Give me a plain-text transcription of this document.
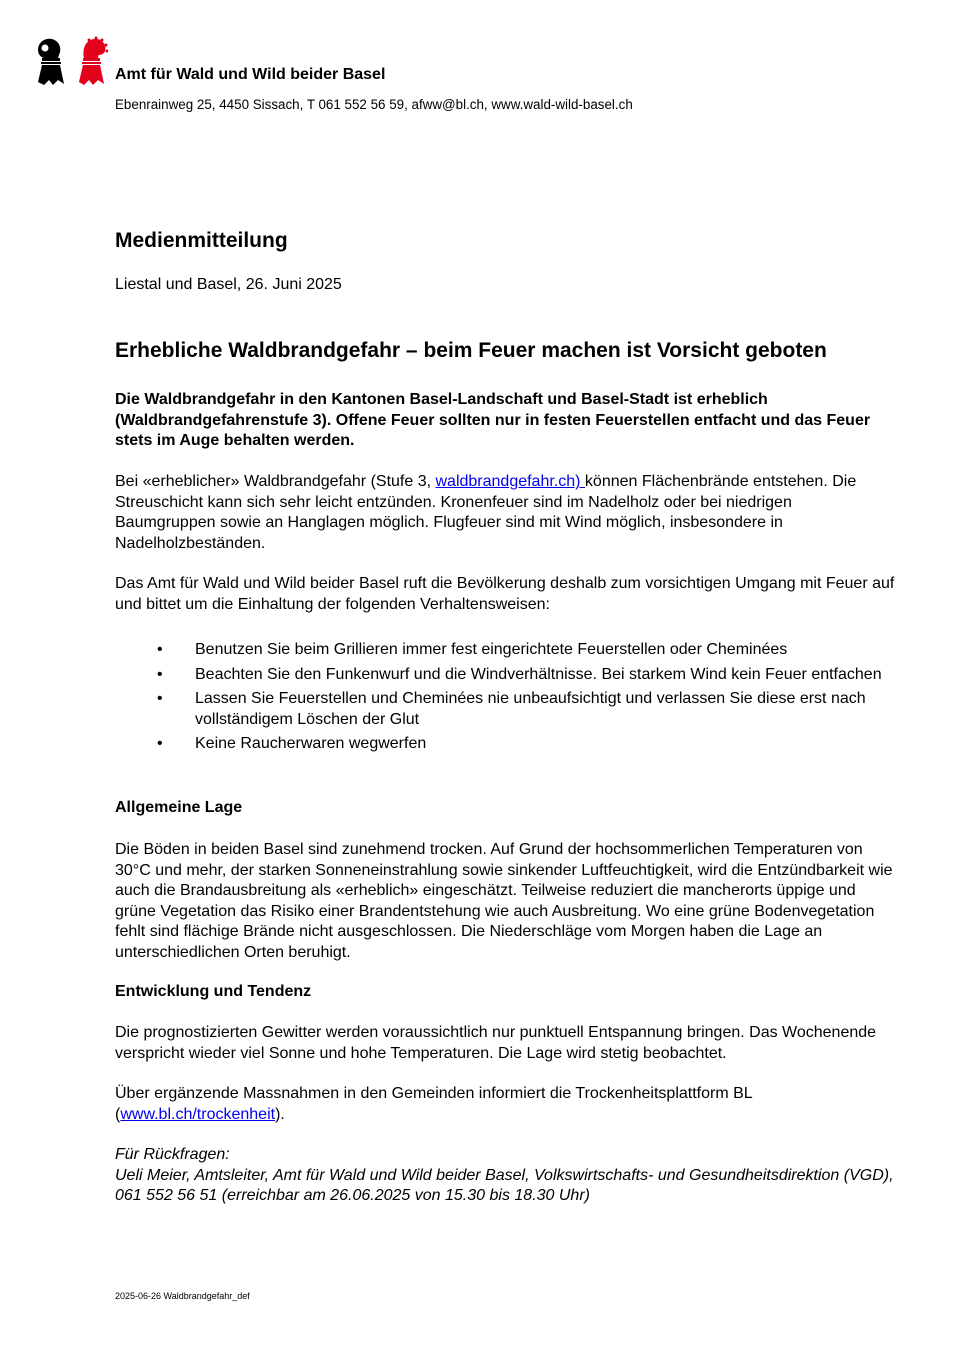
Amt für Wald und Wild beider Basel
Ebenrainweg 25, 4450 Sissach, T 061 552 56 59, afww@bl.ch, www.wald-wild-basel.ch
Medienmitteilung
Liestal und Basel, 26. Juni 2025
Erhebliche Waldbrandgefahr – beim Feuer machen ist Vorsicht geboten
Die Waldbrandgefahr in den Kantonen Basel-Landschaft und Basel-Stadt ist erheblich (Waldbrandgefahrenstufe 3). Offene Feuer sollten nur in festen Feuerstellen entfacht und das Feuer stets im Auge behalten werden.
Bei «erheblicher» Waldbrandgefahr (Stufe 3, waldbrandgefahr.ch) können Flächenbrände entstehen. Die Streuschicht kann sich sehr leicht entzünden. Kronenfeuer sind im Nadelholz oder bei niedrigen Baumgruppen sowie an Hanglagen möglich. Flugfeuer sind mit Wind möglich, insbesondere in Nadelholzbeständen.
Das Amt für Wald und Wild beider Basel ruft die Bevölkerung deshalb zum vorsichtigen Umgang mit Feuer auf und bittet um die Einhaltung der folgenden Verhaltensweisen:
• Benutzen Sie beim Grillieren immer fest eingerichtete Feuerstellen oder Cheminées
• Beachten Sie den Funkenwurf und die Windverhältnisse. Bei starkem Wind kein Feuer entfachen
• Lassen Sie Feuerstellen und Cheminées nie unbeaufsichtigt und verlassen Sie diese erst nach vollständigem Löschen der Glut
• Keine Raucherwaren wegwerfen
Allgemeine Lage
Die Böden in beiden Basel sind zunehmend trocken. Auf Grund der hochsommerlichen Temperaturen von 30°C und mehr, der starken Sonneneinstrahlung sowie sinkender Luftfeuchtigkeit, wird die Entzündbarkeit wie auch die Brandausbreitung als «erheblich» eingeschätzt. Teilweise reduziert die mancherorts üppige und grüne Vegetation das Risiko einer Brandentstehung wie auch Ausbreitung. Wo eine grüne Bodenvegetation fehlt sind flächige Brände nicht ausgeschlossen. Die Niederschläge vom Morgen haben die Lage an unterschiedlichen Orten beruhigt.
Entwicklung und Tendenz
Die prognostizierten Gewitter werden voraussichtlich nur punktuell Entspannung bringen. Das Wochenende verspricht wieder viel Sonne und hohe Temperaturen. Die Lage wird stetig beobachtet.
Über ergänzende Massnahmen in den Gemeinden informiert die Trockenheitsplattform BL (www.bl.ch/trockenheit).
Für Rückfragen:
Ueli Meier, Amtsleiter, Amt für Wald und Wild beider Basel, Volkswirtschafts- und Gesundheitsdirektion (VGD), 061 552 56 51 (erreichbar am 26.06.2025 von 15.30 bis 18.30 Uhr)
2025-06-26 Waldbrandgefahr_def
